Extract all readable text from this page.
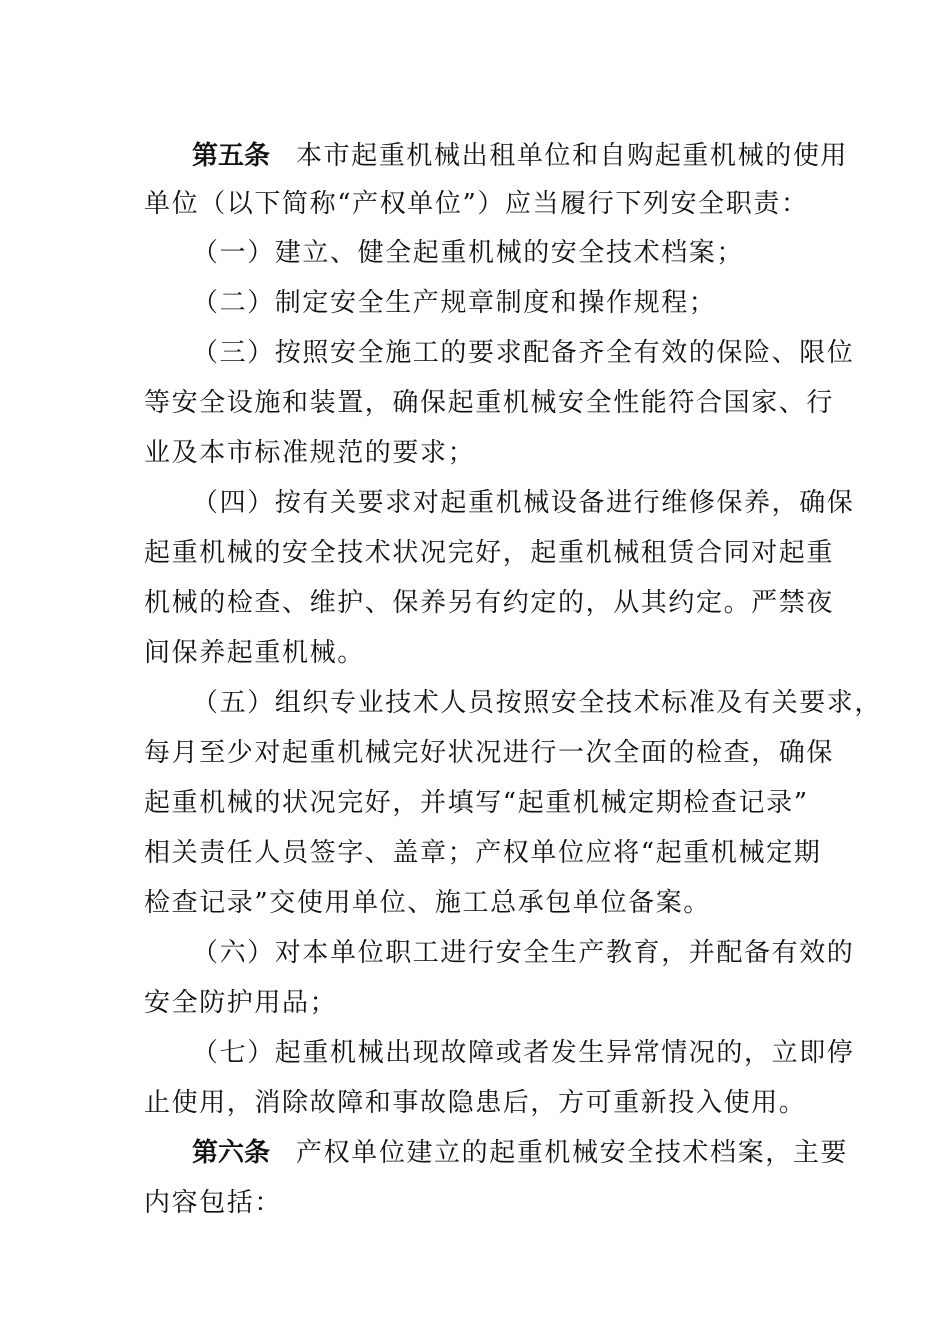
第五条 本市起重机械出租单位和自购起重机械的使用
单位（以下简称“产权单位”）应当履行下列安全职责：
（一）建立、健全起重机械的安全技术档案；
（二）制定安全生产规章制度和操作规程；
（三）按照安全施工的要求配备齐全有效的保险、限位
等安全设施和装置，确保起重机械安全性能符合国家、行
业及本市标准规范的要求；
（四）按有关要求对起重机械设备进行维修保养，确保
起重机械的安全技术状况完好，起重机械租赁合同对起重
机械的检查、维护、保养另有约定的，从其约定。严禁夜
间保养起重机械。
（五）组织专业技术人员按照安全技术标准及有关要求，
每月至少对起重机械完好状况进行一次全面的检查，确保
起重机械的状况完好，并填写“起重机械定期检查记录”
相关责任人员签字、盖章；产权单位应将“起重机械定期
检查记录”交使用单位、施工总承包单位备案。
（六）对本单位职工进行安全生产教育，并配备有效的
安全防护用品；
（七）起重机械出现故障或者发生异常情况的，立即停
止使用，消除故障和事故隐患后，方可重新投入使用。
第六条 产权单位建立的起重机械安全技术档案，主要
内容包括：
